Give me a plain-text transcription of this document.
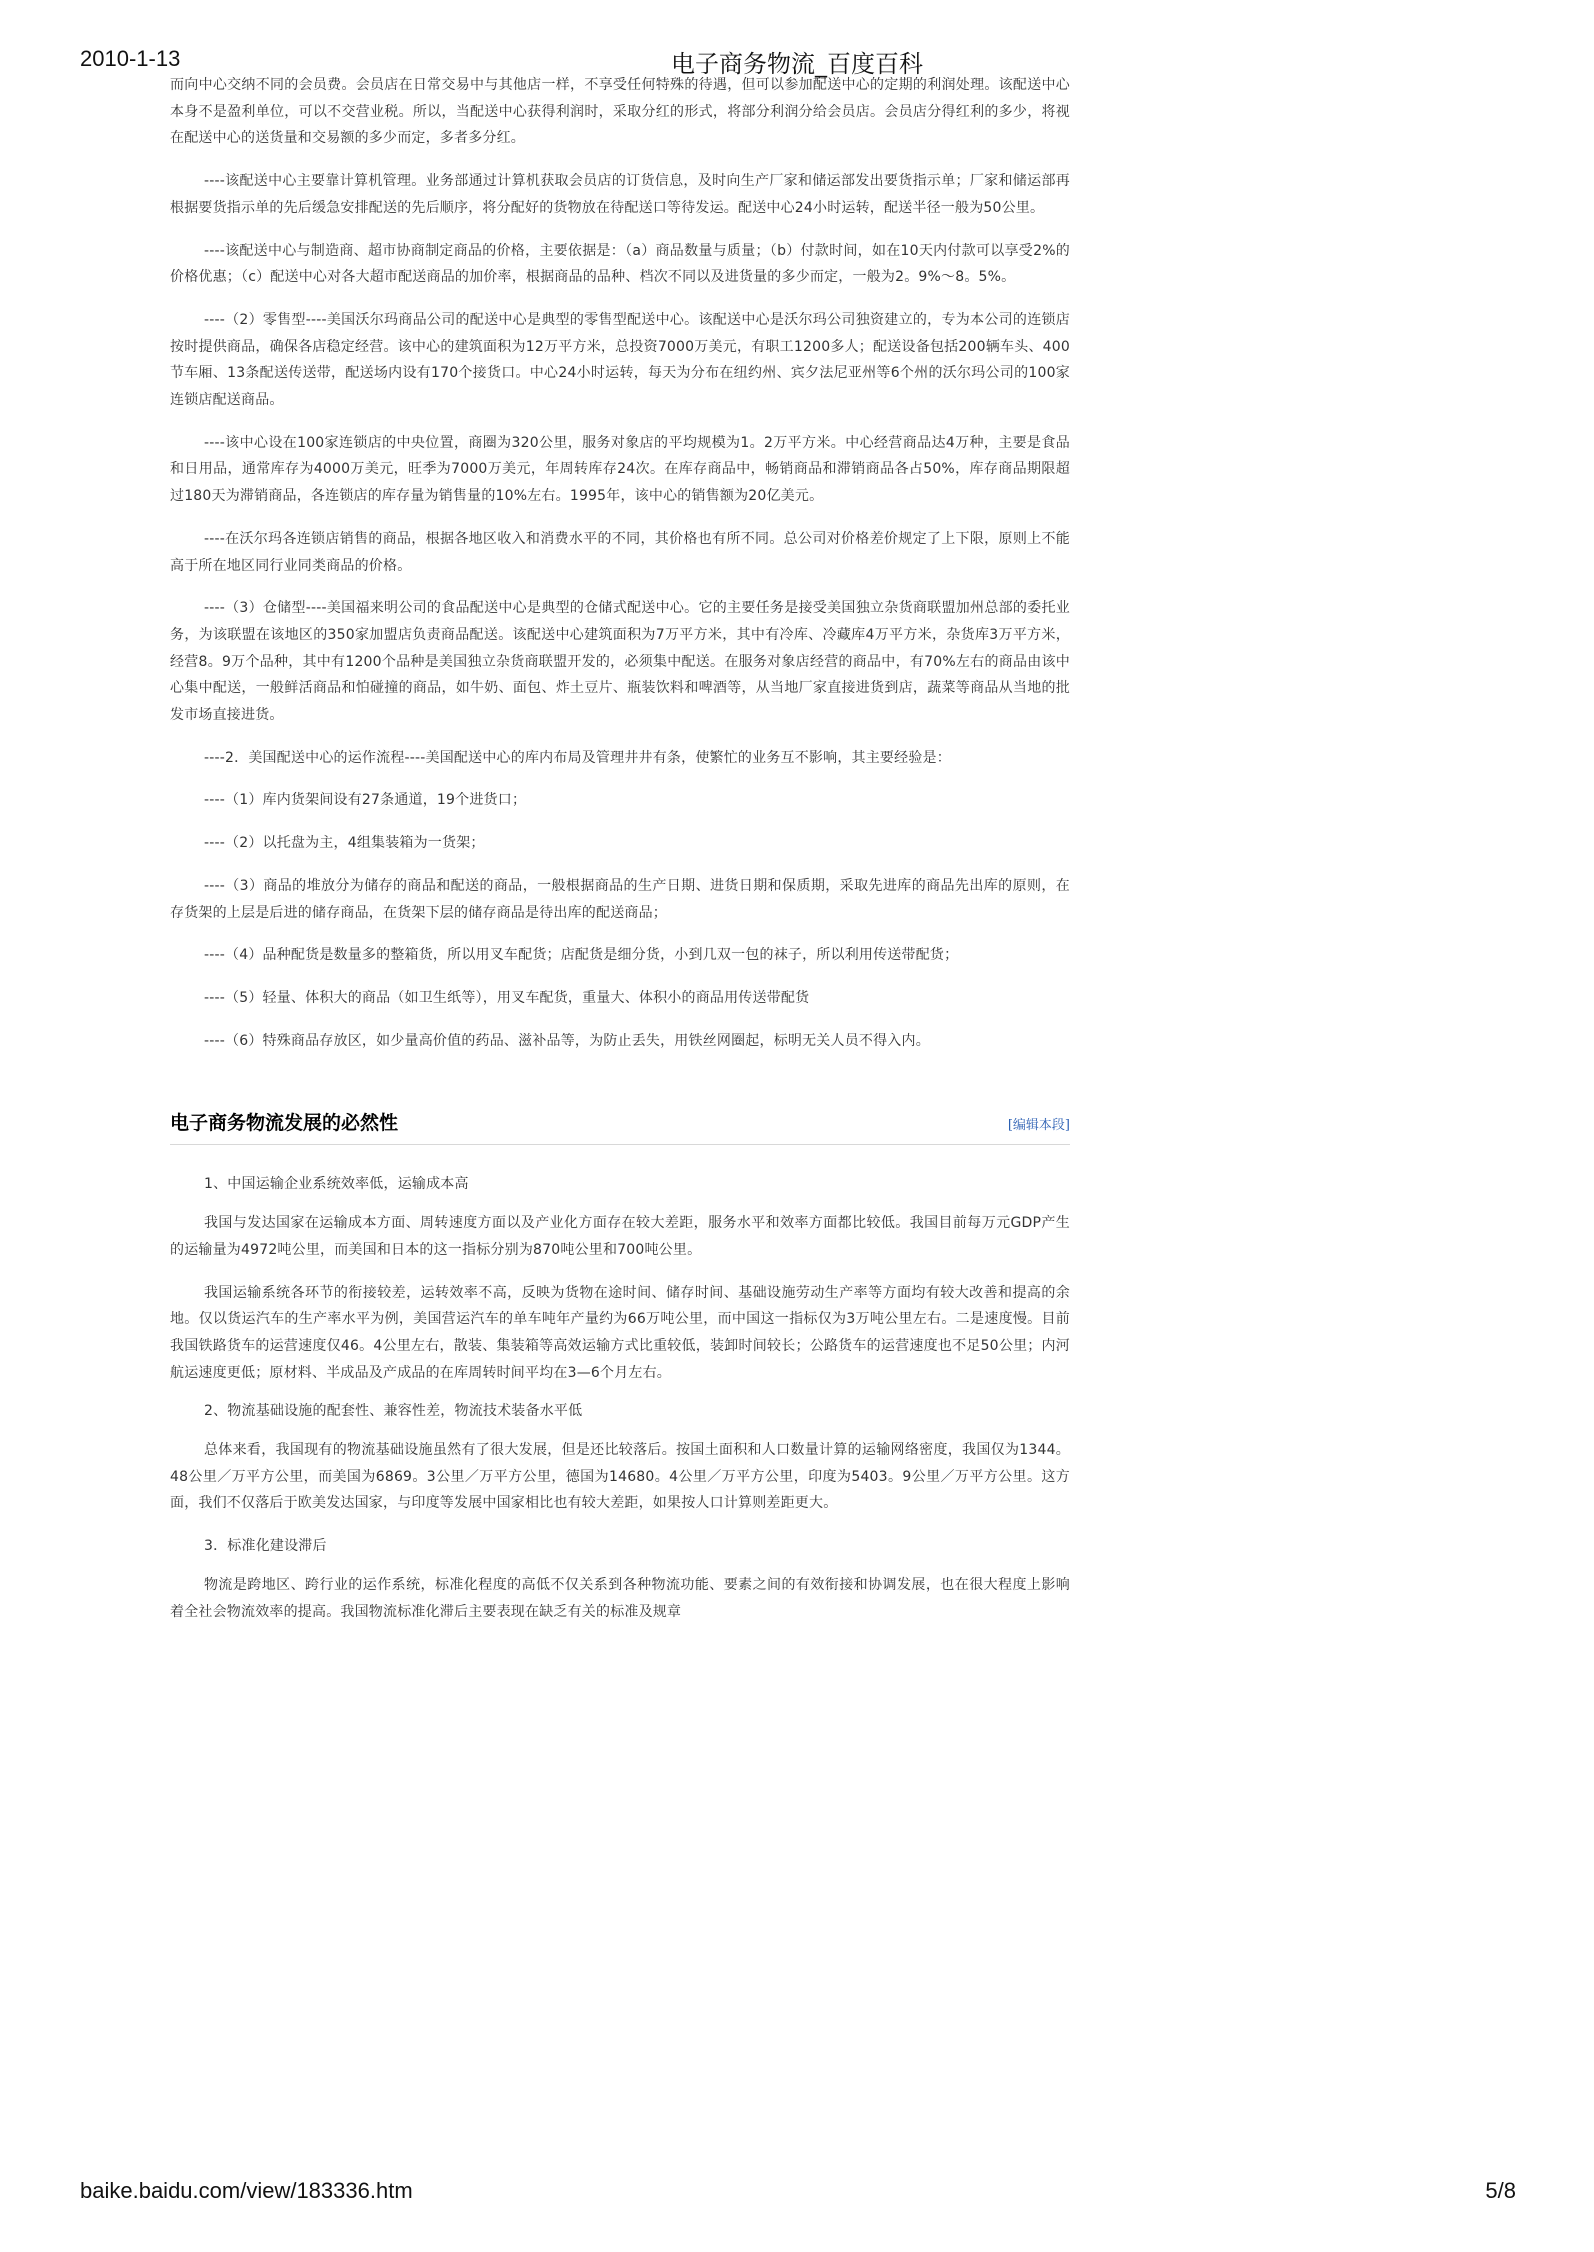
2010-1-13	电子商务物流_百度百科

而向中心交纳不同的会员费。会员店在日常交易中与其他店一样，不享受任何特殊的待遇，但可以参加配送中心的定期的利润处理。该配送中心本身不是盈利单位，可以不交营业税。所以，当配送中心获得利润时，采取分红的形式，将部分利润分给会员店。会员店分得红利的多少，将视在配送中心的送货量和交易额的多少而定，多者多分红。

----该配送中心主要靠计算机管理。业务部通过计算机获取会员店的订货信息，及时向生产厂家和储运部发出要货指示单；厂家和储运部再根据要货指示单的先后缓急安排配送的先后顺序，将分配好的货物放在待配送口等待发运。配送中心24小时运转，配送半径一般为50公里。

----该配送中心与制造商、超市协商制定商品的价格，主要依据是：（a）商品数量与质量；（b）付款时间，如在10天内付款可以享受2%的价格优惠；（c）配送中心对各大超市配送商品的加价率，根据商品的品种、档次不同以及进货量的多少而定，一般为2。9%～8。5%。

----（2）零售型----美国沃尔玛商品公司的配送中心是典型的零售型配送中心。该配送中心是沃尔玛公司独资建立的，专为本公司的连锁店按时提供商品，确保各店稳定经营。该中心的建筑面积为12万平方米，总投资7000万美元，有职工1200多人；配送设备包括200辆车头、400节车厢、13条配送传送带，配送场内设有170个接货口。中心24小时运转，每天为分布在纽约州、宾夕法尼亚州等6个州的沃尔玛公司的100家连锁店配送商品。

----该中心设在100家连锁店的中央位置，商圈为320公里，服务对象店的平均规模为1。2万平方米。中心经营商品达4万种，主要是食品和日用品，通常库存为4000万美元，旺季为7000万美元，年周转库存24次。在库存商品中，畅销商品和滞销商品各占50%，库存商品期限超过180天为滞销商品，各连锁店的库存量为销售量的10%左右。1995年，该中心的销售额为20亿美元。

----在沃尔玛各连锁店销售的商品，根据各地区收入和消费水平的不同，其价格也有所不同。总公司对价格差价规定了上下限，原则上不能高于所在地区同行业同类商品的价格。

----（3）仓储型----美国福来明公司的食品配送中心是典型的仓储式配送中心。它的主要任务是接受美国独立杂货商联盟加州总部的委托业务，为该联盟在该地区的350家加盟店负责商品配送。该配送中心建筑面积为7万平方米，其中有冷库、冷藏库4万平方米，杂货库3万平方米，经营8。9万个品种，其中有1200个品种是美国独立杂货商联盟开发的，必须集中配送。在服务对象店经营的商品中，有70%左右的商品由该中心集中配送，一般鲜活商品和怕碰撞的商品，如牛奶、面包、炸土豆片、瓶装饮料和啤酒等，从当地厂家直接进货到店，蔬菜等商品从当地的批发市场直接进货。

----2．美国配送中心的运作流程----美国配送中心的库内布局及管理井井有条，使繁忙的业务互不影响，其主要经验是：

----（1）库内货架间设有27条通道，19个进货口；

----（2）以托盘为主，4组集装箱为一货架；

----（3）商品的堆放分为储存的商品和配送的商品，一般根据商品的生产日期、进货日期和保质期，采取先进库的商品先出库的原则，在存货架的上层是后进的储存商品，在货架下层的储存商品是待出库的配送商品；

----（4）品种配货是数量多的整箱货，所以用叉车配货；店配货是细分货，小到几双一包的袜子，所以利用传送带配货；

----（5）轻量、体积大的商品（如卫生纸等），用叉车配货，重量大、体积小的商品用传送带配货

----（6）特殊商品存放区，如少量高价值的药品、滋补品等，为防止丢失，用铁丝网圈起，标明无关人员不得入内。

电子商务物流发展的必然性	[编辑本段]

1、中国运输企业系统效率低，运输成本高

我国与发达国家在运输成本方面、周转速度方面以及产业化方面存在较大差距，服务水平和效率方面都比较低。我国目前每万元GDP产生的运输量为4972吨公里，而美国和日本的这一指标分别为870吨公里和700吨公里。

我国运输系统各环节的衔接较差，运转效率不高，反映为货物在途时间、储存时间、基础设施劳动生产率等方面均有较大改善和提高的余地。仅以货运汽车的生产率水平为例，美国营运汽车的单车吨年产量约为66万吨公里，而中国这一指标仅为3万吨公里左右。二是速度慢。目前我国铁路货车的运营速度仅46。4公里左右，散装、集装箱等高效运输方式比重较低，装卸时间较长；公路货车的运营速度也不足50公里；内河航运速度更低；原材料、半成品及产成品的在库周转时间平均在3—6个月左右。

2、物流基础设施的配套性、兼容性差，物流技术装备水平低

总体来看，我国现有的物流基础设施虽然有了很大发展，但是还比较落后。按国土面积和人口数量计算的运输网络密度，我国仅为1344。48公里／万平方公里，而美国为6869。3公里／万平方公里，德国为14680。4公里／万平方公里，印度为5403。9公里／万平方公里。这方面，我们不仅落后于欧美发达国家，与印度等发展中国家相比也有较大差距，如果按人口计算则差距更大。

3．标准化建设滞后

物流是跨地区、跨行业的运作系统，标准化程度的高低不仅关系到各种物流功能、要素之间的有效衔接和协调发展，也在很大程度上影响着全社会物流效率的提高。我国物流标准化滞后主要表现在缺乏有关的标准及规章

baike.baidu.com/view/183336.htm	5/8
